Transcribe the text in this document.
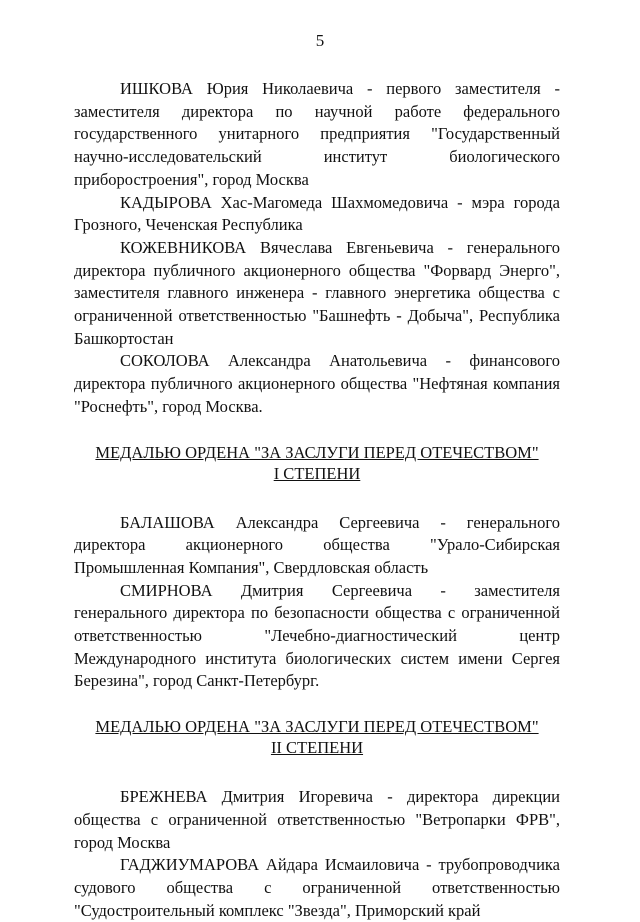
5

ИШКОВА Юрия Николаевича - первого заместителя - заместителя директора по научной работе федерального государственного унитарного предприятия "Государственный научно-исследовательский институт биологического приборостроения", город Москва

КАДЫРОВА Хас-Магомеда Шахмомедовича - мэра города Грозного, Чеченская Республика

КОЖЕВНИКОВА Вячеслава Евгеньевича - генерального директора публичного акционерного общества "Форвард Энерго", заместителя главного инженера - главного энергетика общества с ограниченной ответственностью "Башнефть - Добыча", Республика Башкортостан

СОКОЛОВА Александра Анатольевича - финансового директора публичного акционерного общества "Нефтяная компания "Роснефть", город Москва.

МЕДАЛЬЮ ОРДЕНА "ЗА ЗАСЛУГИ ПЕРЕД ОТЕЧЕСТВОМ"
I СТЕПЕНИ

БАЛАШОВА Александра Сергеевича - генерального директора акционерного общества "Урало-Сибирская Промышленная Компания", Свердловская область

СМИРНОВА Дмитрия Сергеевича - заместителя генерального директора по безопасности общества с ограниченной ответственностью "Лечебно-диагностический центр Международного института биологических систем имени Сергея Березина", город Санкт-Петербург.

МЕДАЛЬЮ ОРДЕНА "ЗА ЗАСЛУГИ ПЕРЕД ОТЕЧЕСТВОМ"
II СТЕПЕНИ

БРЕЖНЕВА Дмитрия Игоревича - директора дирекции общества с ограниченной ответственностью "Ветропарки ФРВ", город Москва

ГАДЖИУМАРОВА Айдара Исмаиловича - трубопроводчика судового общества с ограниченной ответственностью "Судостроительный комплекс "Звезда", Приморский край
